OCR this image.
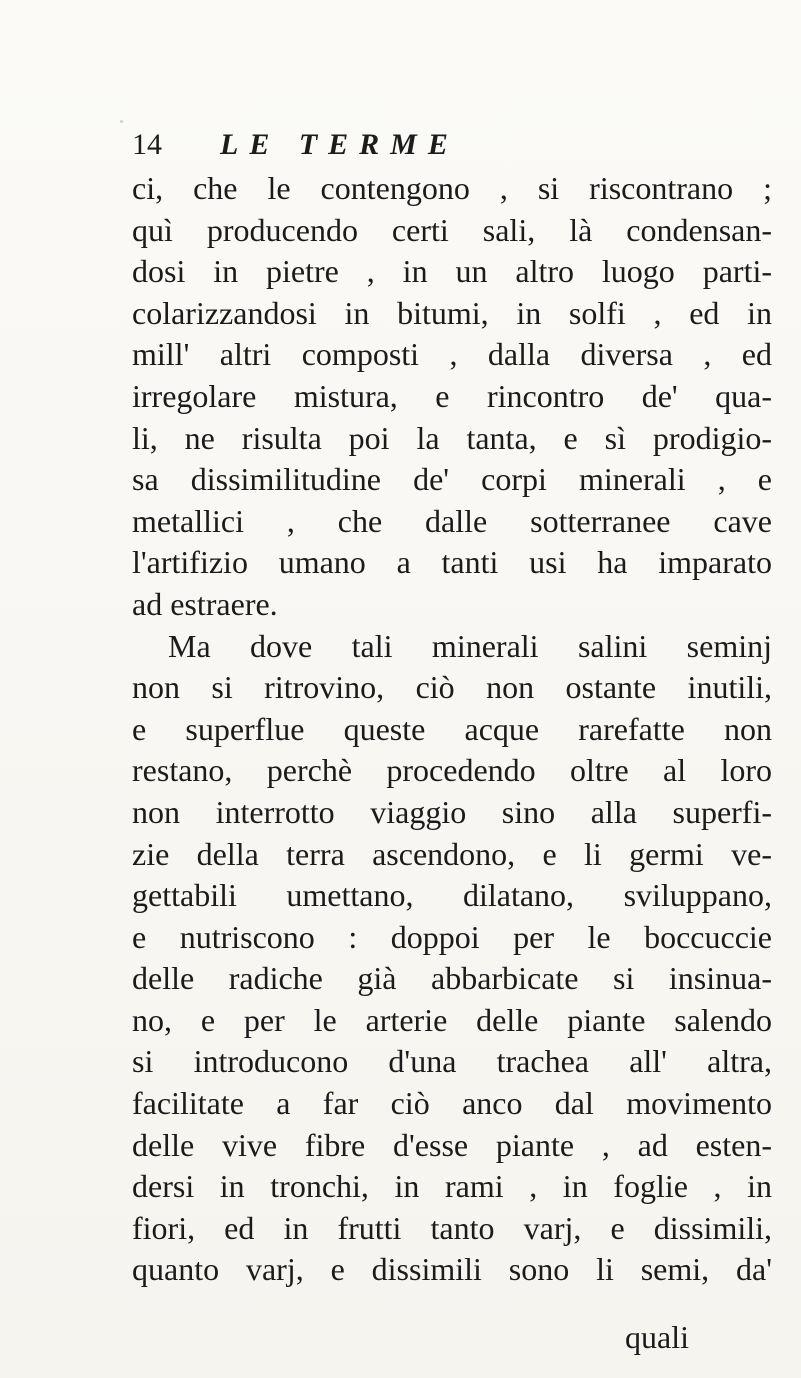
14	LE TERME
ci, che le contengono , si riscontrano ;
quì producendo certi sali, là condensan-
dosi in pietre , in un altro luogo parti-
colarizzandosi in bitumi, in solfi , ed in
mill' altri composti , dalla diversa , ed
irregolare mistura, e rincontro de' qua-
li, ne risulta poi la tanta, e sì prodigio-
sa dissimilitudine de' corpi minerali , e
metallici , che dalle sotterranee cave
l'artifizio umano a tanti usi ha imparato
ad estraere.
Ma dove tali minerali salini seminj
non si ritrovino, ciò non ostante inutili,
e superflue queste acque rarefatte non
restano, perchè procedendo oltre al loro
non interrotto viaggio sino alla superfi-
zie della terra ascendono, e li germi ve-
gettabili umettano, dilatano, sviluppano,
e nutriscono : doppoi per le boccuccie
delle radiche già abbarbicate si insinua-
no, e per le arterie delle piante salendo
si introducono d'una trachea all' altra,
facilitate a far ciò anco dal movimento
delle vive fibre d'esse piante , ad esten-
dersi in tronchi, in rami , in foglie , in
fiori, ed in frutti tanto varj, e dissimili,
quanto varj, e dissimili sono li semi, da'
quali
